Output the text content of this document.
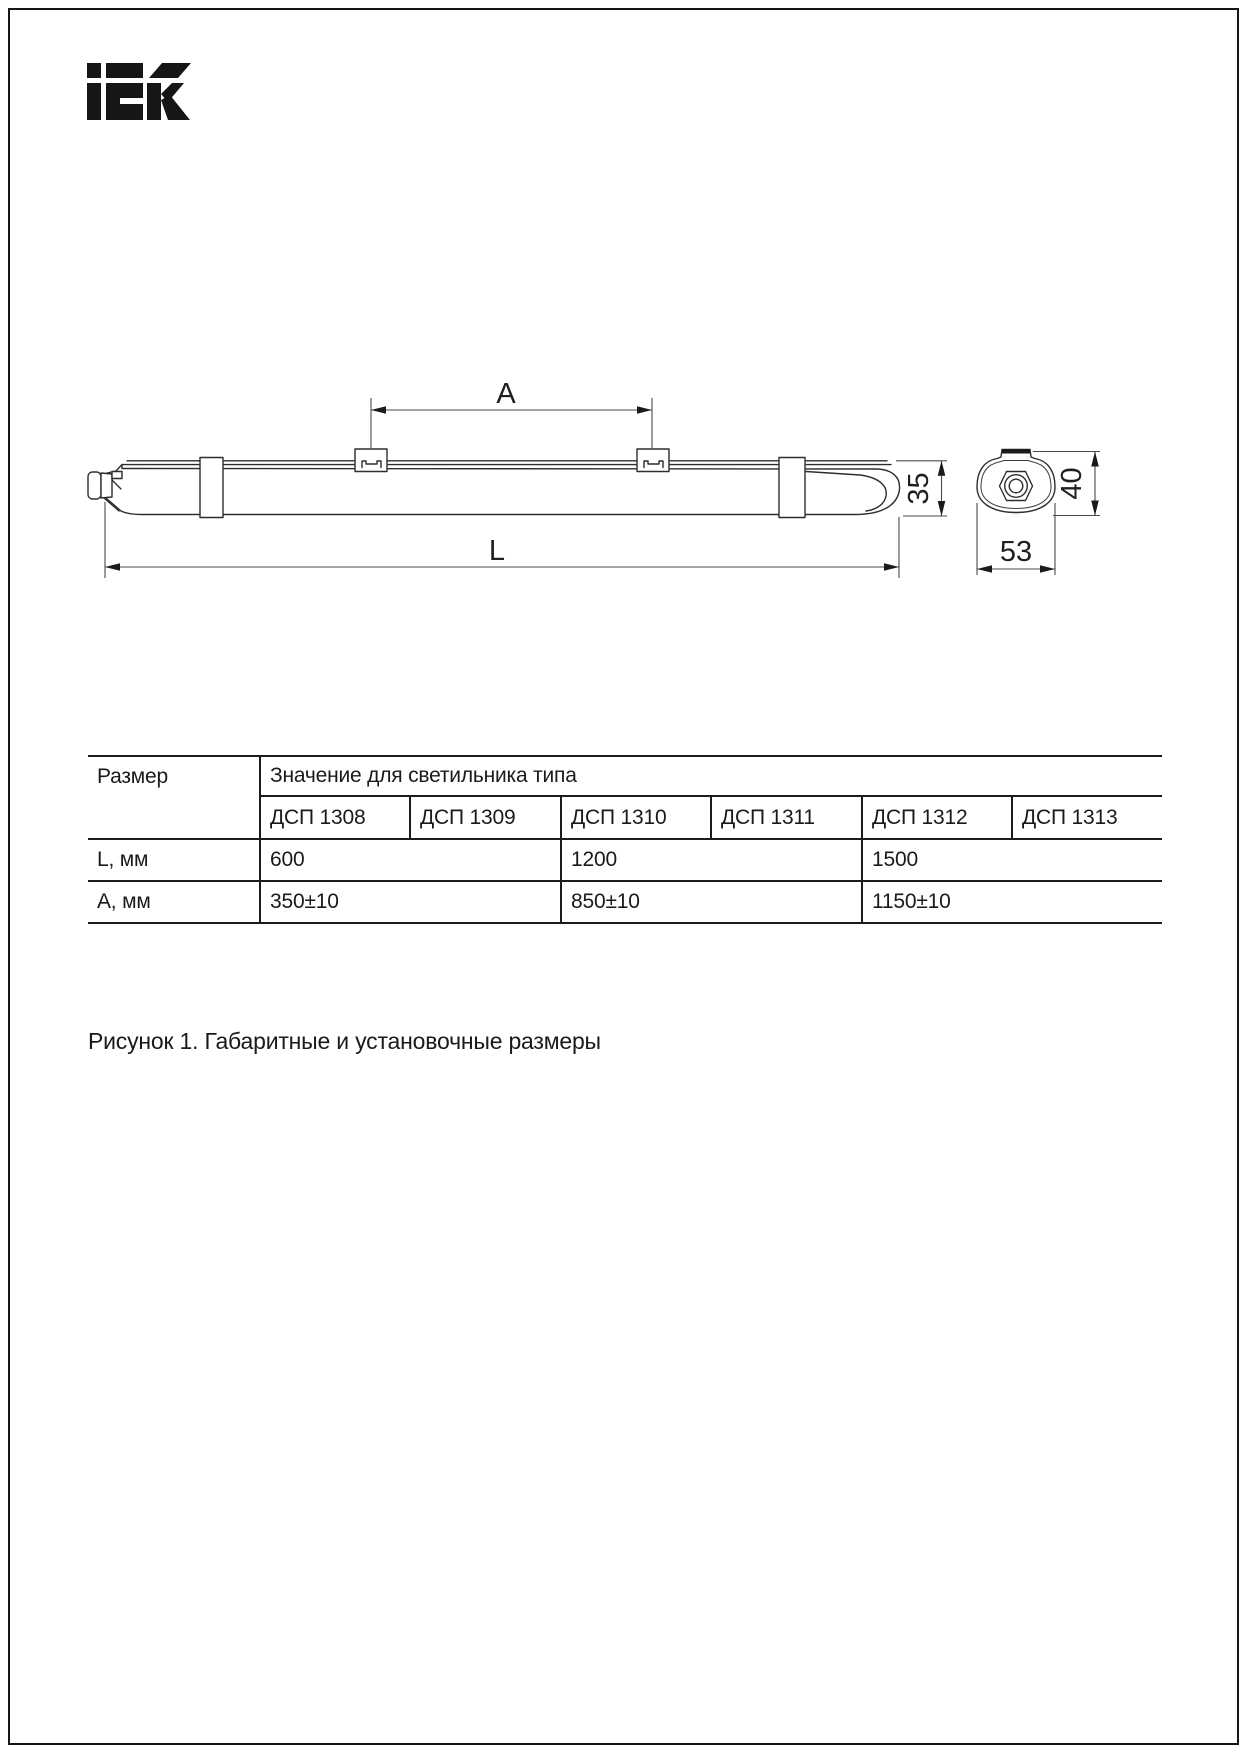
A
L
35	40
53
Размер	Значение для светильника типа					
	ДСП 1308	ДСП 1309	ДСП 1310	ДСП 1311	ДСП 1312	ДСП 1313
L, мм	600		1200		1500	
А, мм	350±10		850±10		1150±10	
Рисунок 1. Габаритные и установочные размеры
